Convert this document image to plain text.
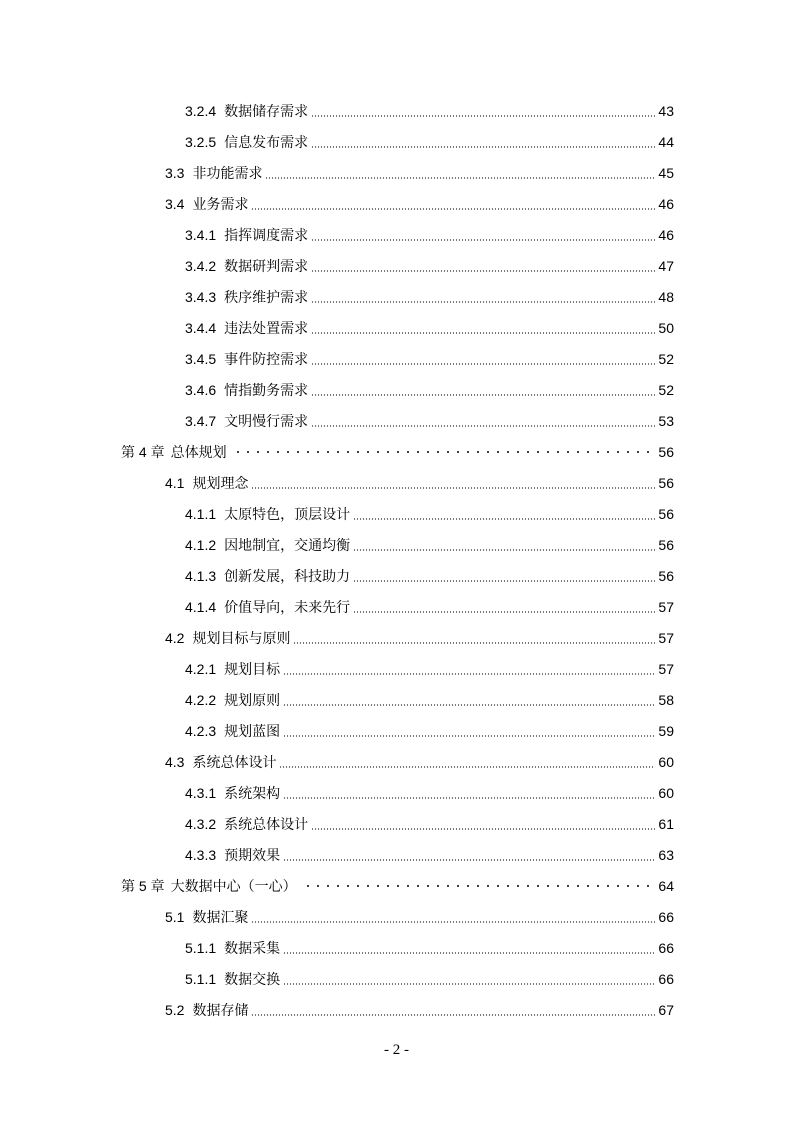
3.2.4 数据储存需求	43
3.2.5 信息发布需求	44
3.3 非功能需求	45
3.4 业务需求	46
3.4.1 指挥调度需求	46
3.4.2 数据研判需求	47
3.4.3 秩序维护需求	48
3.4.4 违法处置需求	50
3.4.5 事件防控需求	52
3.4.6 情指勤务需求	52
3.4.7 文明慢行需求	53
第 4 章 总体规划	56
4.1 规划理念	56
4.1.1 太原特色，顶层设计	56
4.1.2 因地制宜，交通均衡	56
4.1.3 创新发展，科技助力	56
4.1.4 价值导向，未来先行	57
4.2 规划目标与原则	57
4.2.1 规划目标	57
4.2.2 规划原则	58
4.2.3 规划蓝图	59
4.3 系统总体设计	60
4.3.1 系统架构	60
4.3.2 系统总体设计	61
4.3.3 预期效果	63
第 5 章 大数据中心（一心）	64
5.1 数据汇聚	66
5.1.1 数据采集	66
5.1.1 数据交换	66
5.2 数据存储	67
- 2 -
